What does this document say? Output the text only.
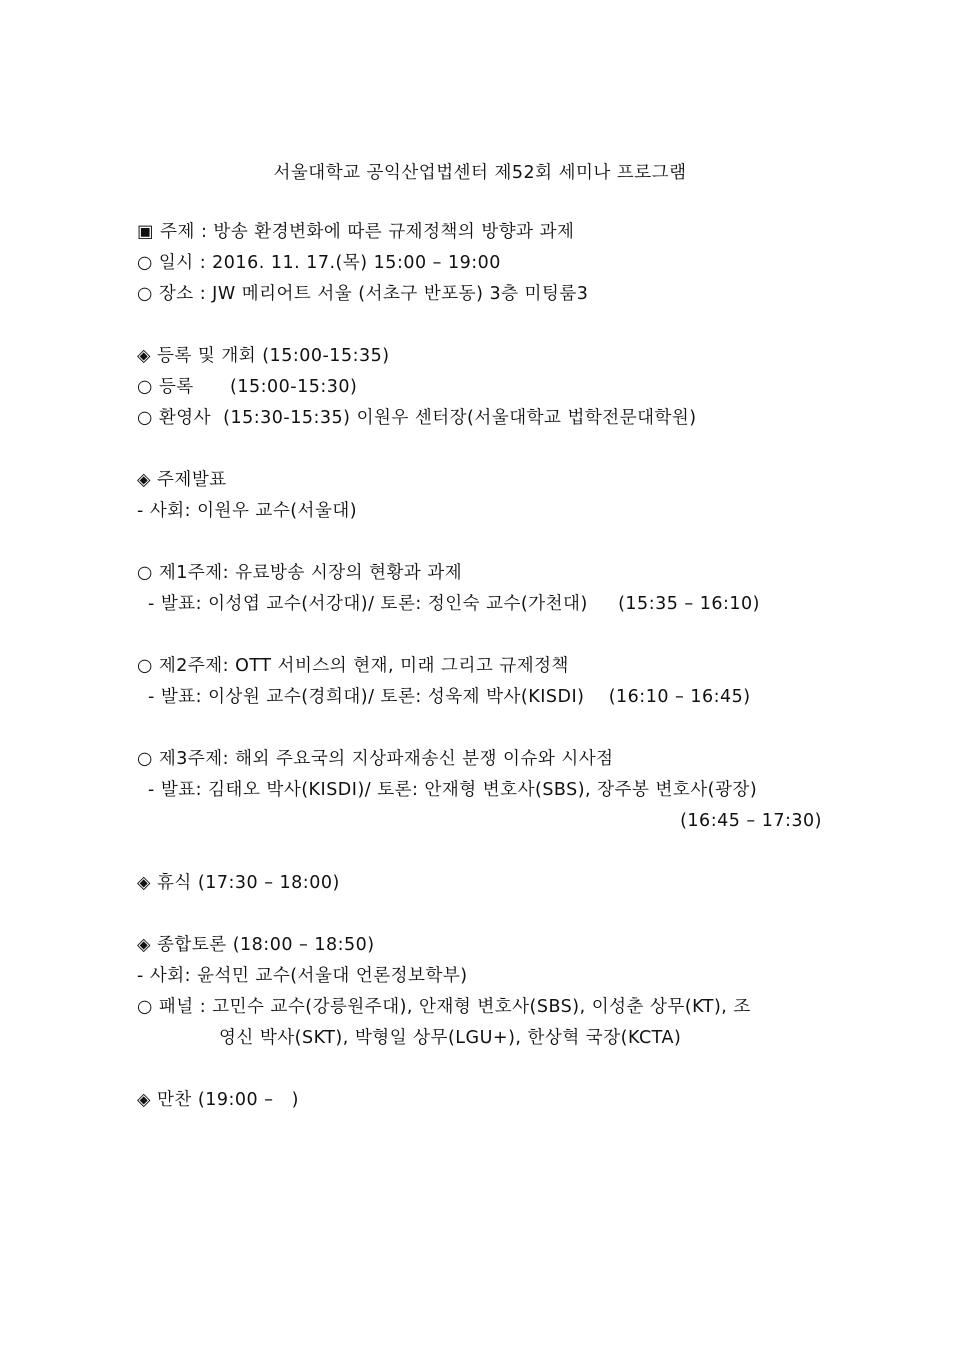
서울대학교 공익산업법센터 제52회 세미나 프로그램
▣ 주제 : 방송 환경변화에 따른 규제정책의 방향과 과제
○ 일시 : 2016. 11. 17.(목) 15:00 – 19:00
○ 장소 : JW 메리어트 서울 (서초구 반포동) 3층 미팅룸3
◈ 등록 및 개회 (15:00-15:35)
○ 등록      (15:00-15:30)
○ 환영사  (15:30-15:35) 이원우 센터장(서울대학교 법학전문대학원)
◈ 주제발표
- 사회: 이원우 교수(서울대)
○ 제1주제: 유료방송 시장의 현황과 과제
- 발표: 이성엽 교수(서강대)/ 토론: 정인숙 교수(가천대)     (15:35 – 16:10)
○ 제2주제: OTT 서비스의 현재, 미래 그리고 규제정책
- 발표: 이상원 교수(경희대)/ 토론: 성욱제 박사(KISDI)    (16:10 – 16:45)
○ 제3주제: 해외 주요국의 지상파재송신 분쟁 이슈와 시사점
- 발표: 김태오 박사(KISDI)/ 토론: 안재형 변호사(SBS), 장주봉 변호사(광장)
(16:45 – 17:30)
◈ 휴식 (17:30 – 18:00)
◈ 종합토론 (18:00 – 18:50)
- 사회: 윤석민 교수(서울대 언론정보학부)
○ 패널 : 고민수 교수(강릉원주대), 안재형 변호사(SBS), 이성춘 상무(KT), 조
영신 박사(SKT), 박형일 상무(LGU+), 한상혁 국장(KCTA)
◈ 만찬 (19:00 –   )
